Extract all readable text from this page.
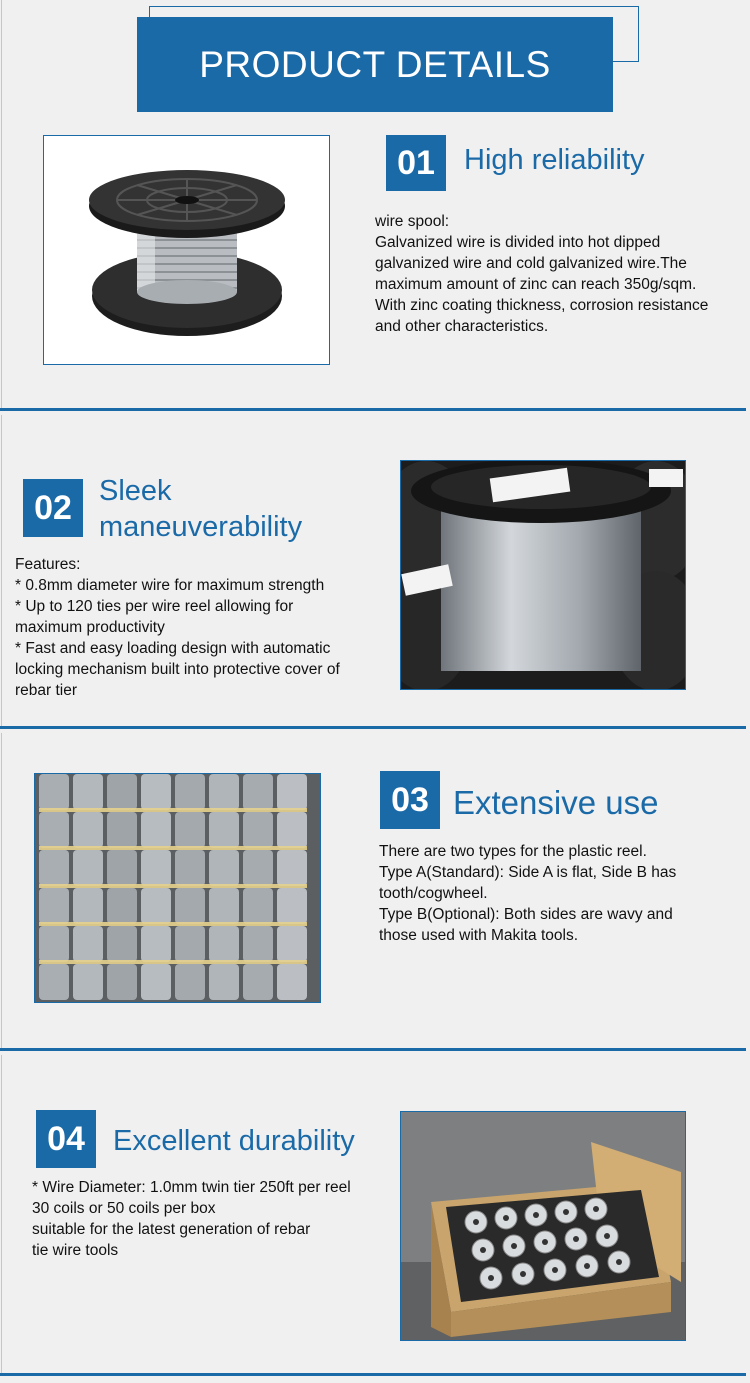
PRODUCT DETAILS
01	High reliability
wire spool:
Galvanized wire is divided into hot dipped
galvanized wire and cold galvanized wire.The
maximum amount of zinc can reach 350g/sqm.
With zinc coating thickness, corrosion resistance
and other characteristics.
02 Sleek
maneuverability
Features:
* 0.8mm diameter wire for maximum strength
* Up to 120 ties per wire reel allowing for
maximum productivity
* Fast and easy loading design with automatic
locking mechanism built into protective cover of
rebar tier
03 Extensive use
There are two types for the plastic reel.
Type A(Standard): Side A is flat, Side B has
tooth/cogwheel.
Type B(Optional): Both sides are wavy and
those used with Makita tools.
04 Excellent durability
* Wire Diameter: 1.0mm twin tier 250ft per reel
30 coils or 50 coils per box
suitable for the latest generation of rebar
tie wire tools
